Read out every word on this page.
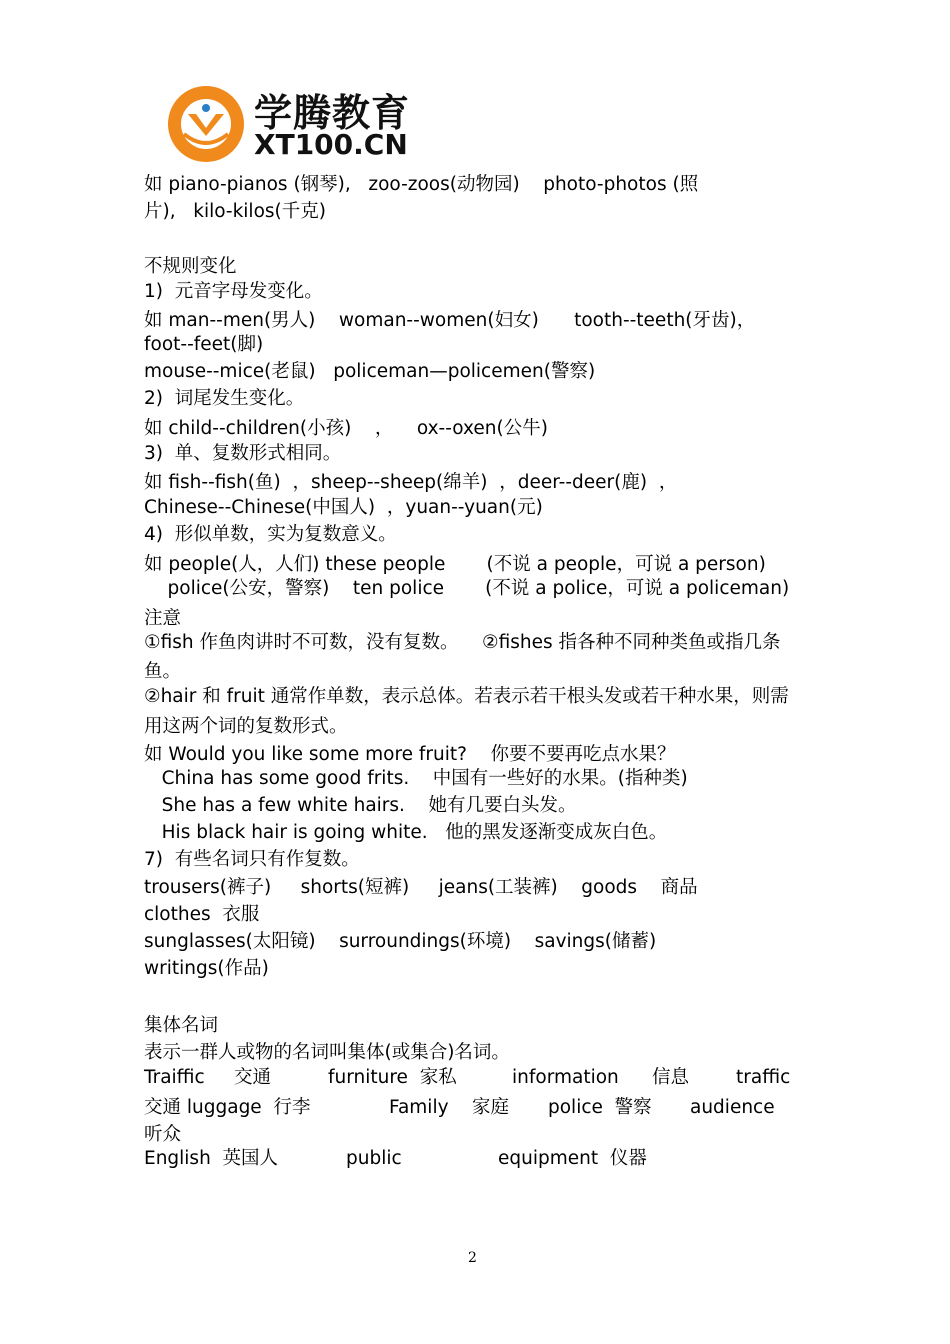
学腾教育
XT100.CN
如 piano-pianos (钢琴),   zoo-zoos(动物园)    photo-photos (照
片),   kilo-kilos(千克)
不规则变化
1)  元音字母发变化。
如 man--men(男人)    woman--women(妇女)      tooth--teeth(牙齿)，
foot--feet(脚)
mouse--mice(老鼠)   policeman—policemen(警察)
2)  词尾发生变化。
如 child--children(小孩)    ，    ox--oxen(公牛)
3)  单、复数形式相同。
如 fish--fish(鱼)  ，sheep--sheep(绵羊)  ，deer--deer(鹿)  ，
Chinese--Chinese(中国人)  ，yuan--yuan(元)
4)  形似单数，实为复数意义。
如 people(人，人们) these people       (不说 a people，可说 a person)
police(公安，警察)    ten police       (不说 a police，可说 a policeman)
注意
①fish 作鱼肉讲时不可数，没有复数。    ②fishes 指各种不同种类鱼或指几条
鱼。
②hair 和 fruit 通常作单数，表示总体。若表示若干根头发或若干种水果，则需
用这两个词的复数形式。
如 Would you like some more fruit?    你要不要再吃点水果？
China has some good frits.    中国有一些好的水果。(指种类)
She has a few white hairs.    她有几要白头发。
His black hair is going white.   他的黑发逐渐变成灰白色。
7)  有些名词只有作复数。
trousers(裤子)     shorts(短裤)     jeans(工装裤)    goods    商品
clothes  衣服
sunglasses(太阳镜)    surroundings(环境)    savings(储蓄)
writings(作品)
集体名词
表示一群人或物的名词叫集体(或集合)名词。
Traiffic 交通	furniture  家私	information 信息	traffic
交通 luggage  行李	Family 家庭 police  警察 audience
听众
English  英国人	public	equipment  仪器
2
